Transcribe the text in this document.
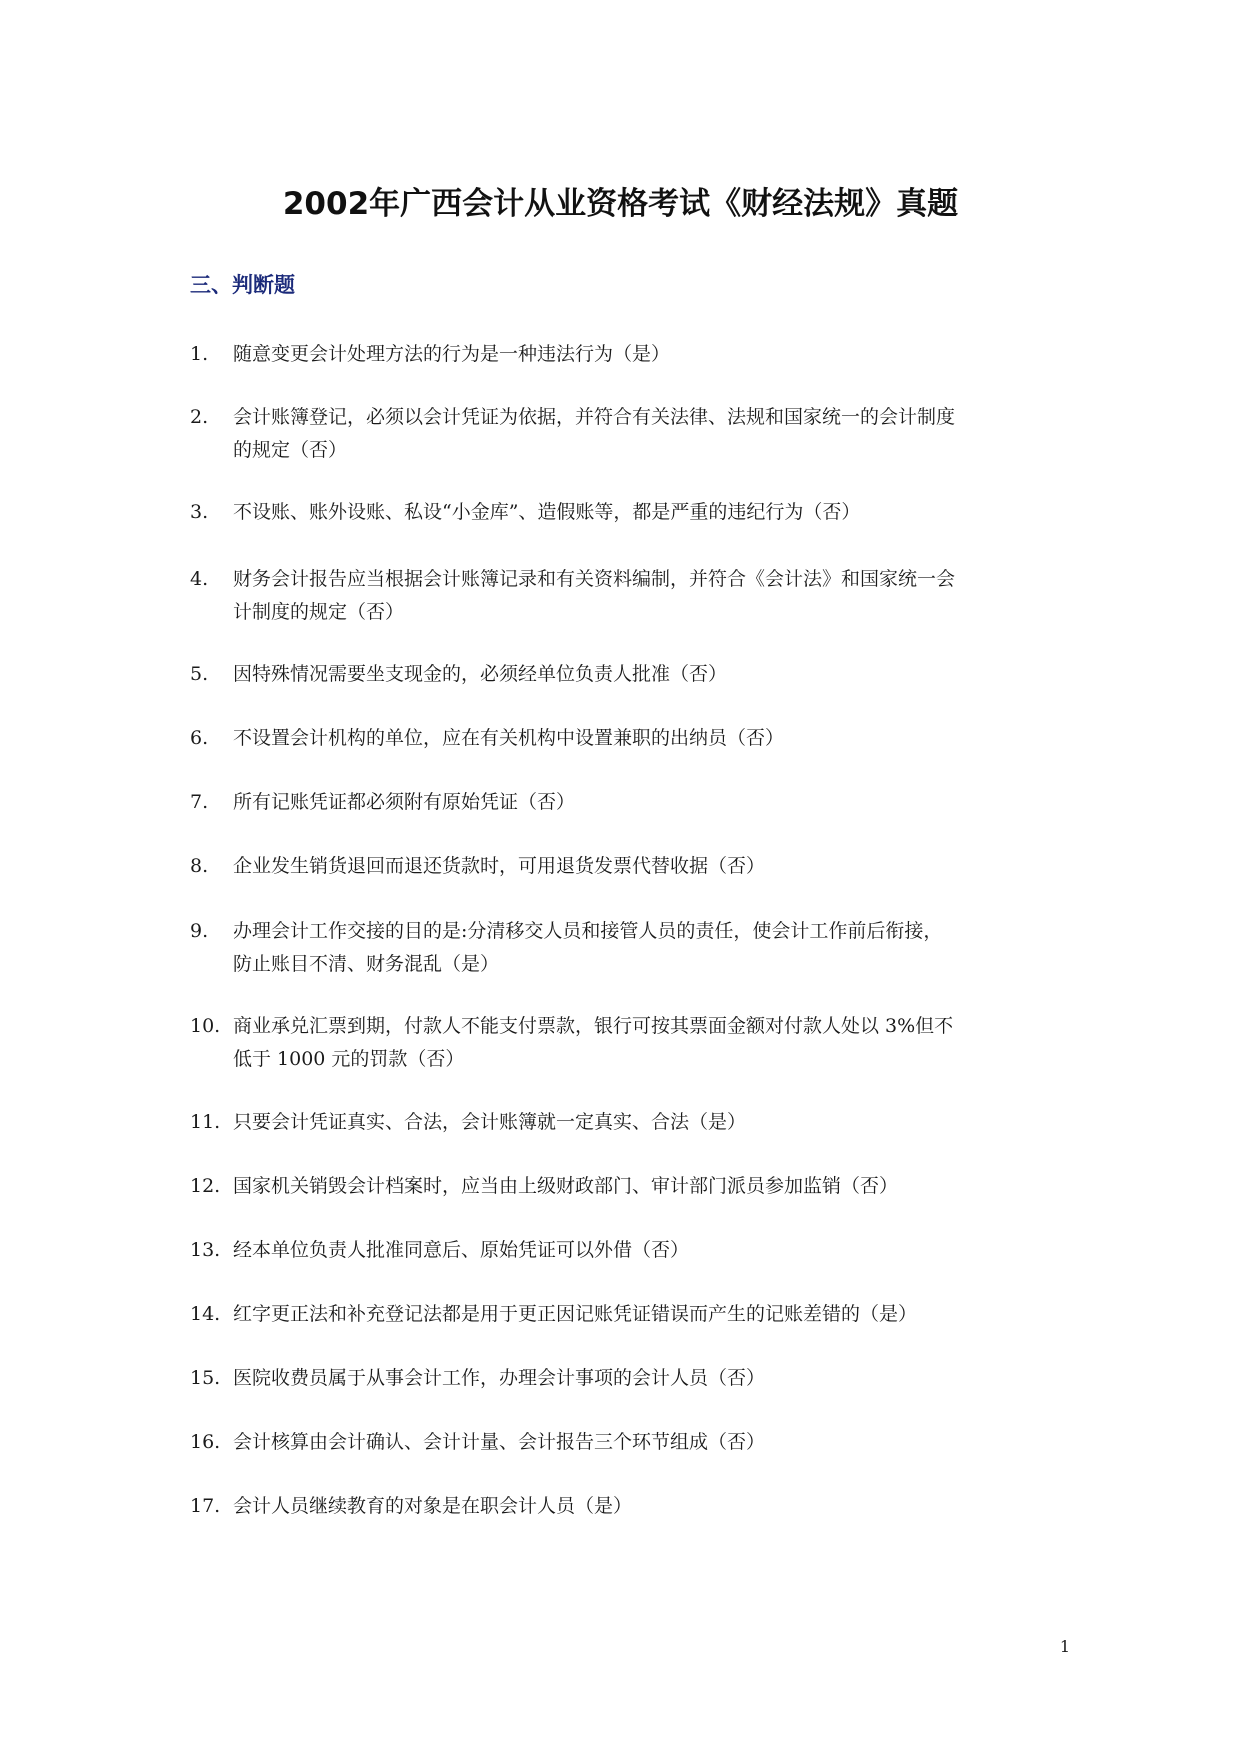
2002年广西会计从业资格考试《财经法规》真题
三、判断题
1.	随意变更会计处理方法的行为是一种违法行为（是）
2.	会计账簿登记，必须以会计凭证为依据，并符合有关法律、法规和国家统一的会计制度
的规定（否）
3.	不设账、账外设账、私设“小金库”、造假账等，都是严重的违纪行为（否）
4.	财务会计报告应当根据会计账簿记录和有关资料编制，并符合《会计法》和国家统一会
计制度的规定（否）
5.	因特殊情况需要坐支现金的，必须经单位负责人批准（否）
6.	不设置会计机构的单位，应在有关机构中设置兼职的出纳员（否）
7.	所有记账凭证都必须附有原始凭证（否）
8.	企业发生销货退回而退还货款时，可用退货发票代替收据（否）
9.	办理会计工作交接的目的是:分清移交人员和接管人员的责任，使会计工作前后衔接，
防止账目不清、财务混乱（是）
10. 商业承兑汇票到期，付款人不能支付票款，银行可按其票面金额对付款人处以 3%但不
低于 1000 元的罚款（否）
11. 只要会计凭证真实、合法，会计账簿就一定真实、合法（是）
12. 国家机关销毁会计档案时，应当由上级财政部门、审计部门派员参加监销（否）
13. 经本单位负责人批准同意后、原始凭证可以外借（否）
14. 红字更正法和补充登记法都是用于更正因记账凭证错误而产生的记账差错的（是）
15. 医院收费员属于从事会计工作，办理会计事项的会计人员（否）
16. 会计核算由会计确认、会计计量、会计报告三个环节组成（否）
17. 会计人员继续教育的对象是在职会计人员（是）
1
